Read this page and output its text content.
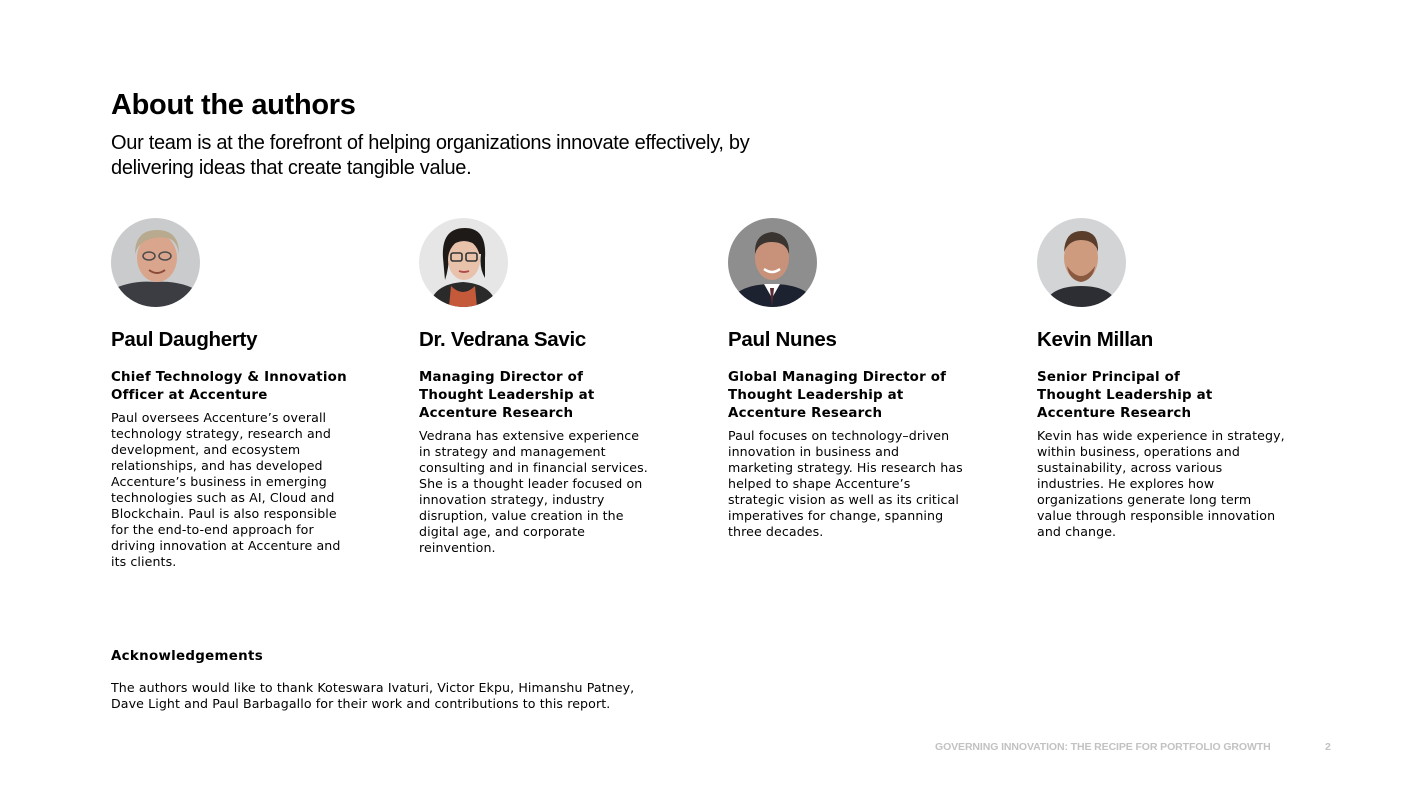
About the authors

Our team is at the forefront of helping organizations innovate effectively, by delivering ideas that create tangible value.

Paul Daugherty
Chief Technology & Innovation
Officer at Accenture
Paul oversees Accenture’s overall
technology strategy, research and
development, and ecosystem
relationships, and has developed
Accenture’s business in emerging
technologies such as AI, Cloud and
Blockchain. Paul is also responsible
for the end-to-end approach for
driving innovation at Accenture and
its clients.
Dr. Vedrana Savic
Managing Director of
Thought Leadership at
Accenture Research
Vedrana has extensive experience
in strategy and management
consulting and in financial services.
She is a thought leader focused on
innovation strategy, industry
disruption, value creation in the
digital age, and corporate
reinvention.
Paul Nunes
Global Managing Director of
Thought Leadership at
Accenture Research
Paul focuses on technology–driven
innovation in business and
marketing strategy. His research has
helped to shape Accenture’s
strategic vision as well as its critical
imperatives for change, spanning
three decades.
Kevin Millan
Senior Principal of
Thought Leadership at
Accenture Research
Kevin has wide experience in strategy,
within business, operations and
sustainability, across various
industries. He explores how
organizations generate long term
value through responsible innovation
and change.
Acknowledgements
The authors would like to thank Koteswara Ivaturi, Victor Ekpu, Himanshu Patney,
Dave Light and Paul Barbagallo for their work and contributions to this report.
GOVERNING INNOVATION: THE RECIPE FOR PORTFOLIO GROWTH	2
